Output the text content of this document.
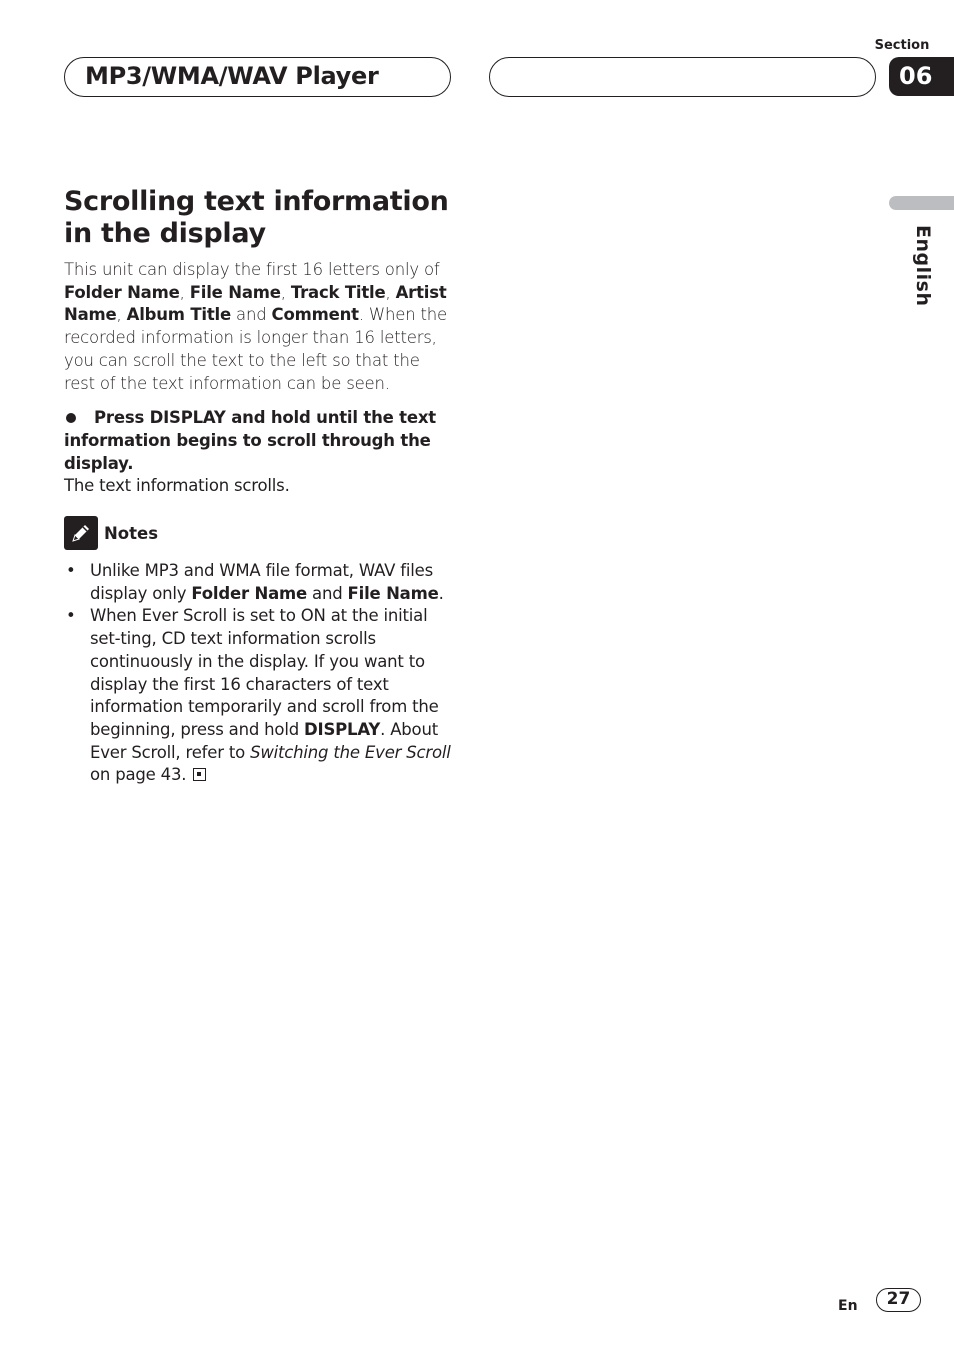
Section
06
MP3/WMA/WAV Player
English
Scrolling text information in the display
This unit can display the first 16 letters only of Folder Name, File Name, Track Title, Artist Name, Album Title and Comment. When the recorded information is longer than 16 letters, you can scroll the text to the left so that the rest of the text information can be seen.
Press DISPLAY and hold until the text information begins to scroll through the display.
The text information scrolls.
Notes
• Unlike MP3 and WMA file format, WAV files display only Folder Name and File Name.
• When Ever Scroll is set to ON at the initial set-ting, CD text information scrolls continuously in the display. If you want to display the first 16 characters of text information temporarily and scroll from the beginning, press and hold DISPLAY. About Ever Scroll, refer to Switching the Ever Scroll on page 43.
En	27
